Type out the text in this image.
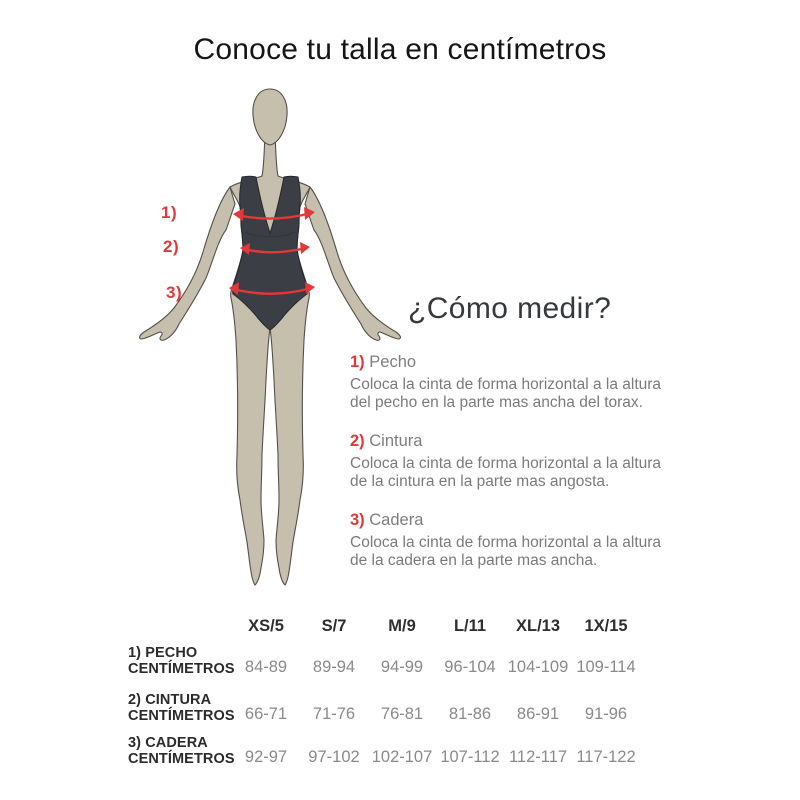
Conoce tu talla en centímetros
1)
2)
3)	¿Cómo medir?
1) Pecho
Coloca la cinta de forma horizontal a la altura
del pecho en la parte mas ancha del torax.
2) Cintura
Coloca la cinta de forma horizontal a la altura
de la cintura en la parte mas angosta.
3) Cadera
Coloca la cinta de forma horizontal a la altura
de la cadera en la parte mas ancha.
XS/5	S/7	M/9	L/11	XL/13	1X/15
1) PECHO
CENTÍMETROS 84-89	89-94	94-99	96-104 104-109 109-114
2) CINTURA
CENTÍMETROS 66-71	71-76	76-81	81-86	86-91	91-96
3) CADERA
CENTÍMETROS 92-97	97-102 102-107 107-112 112-117 117-122
